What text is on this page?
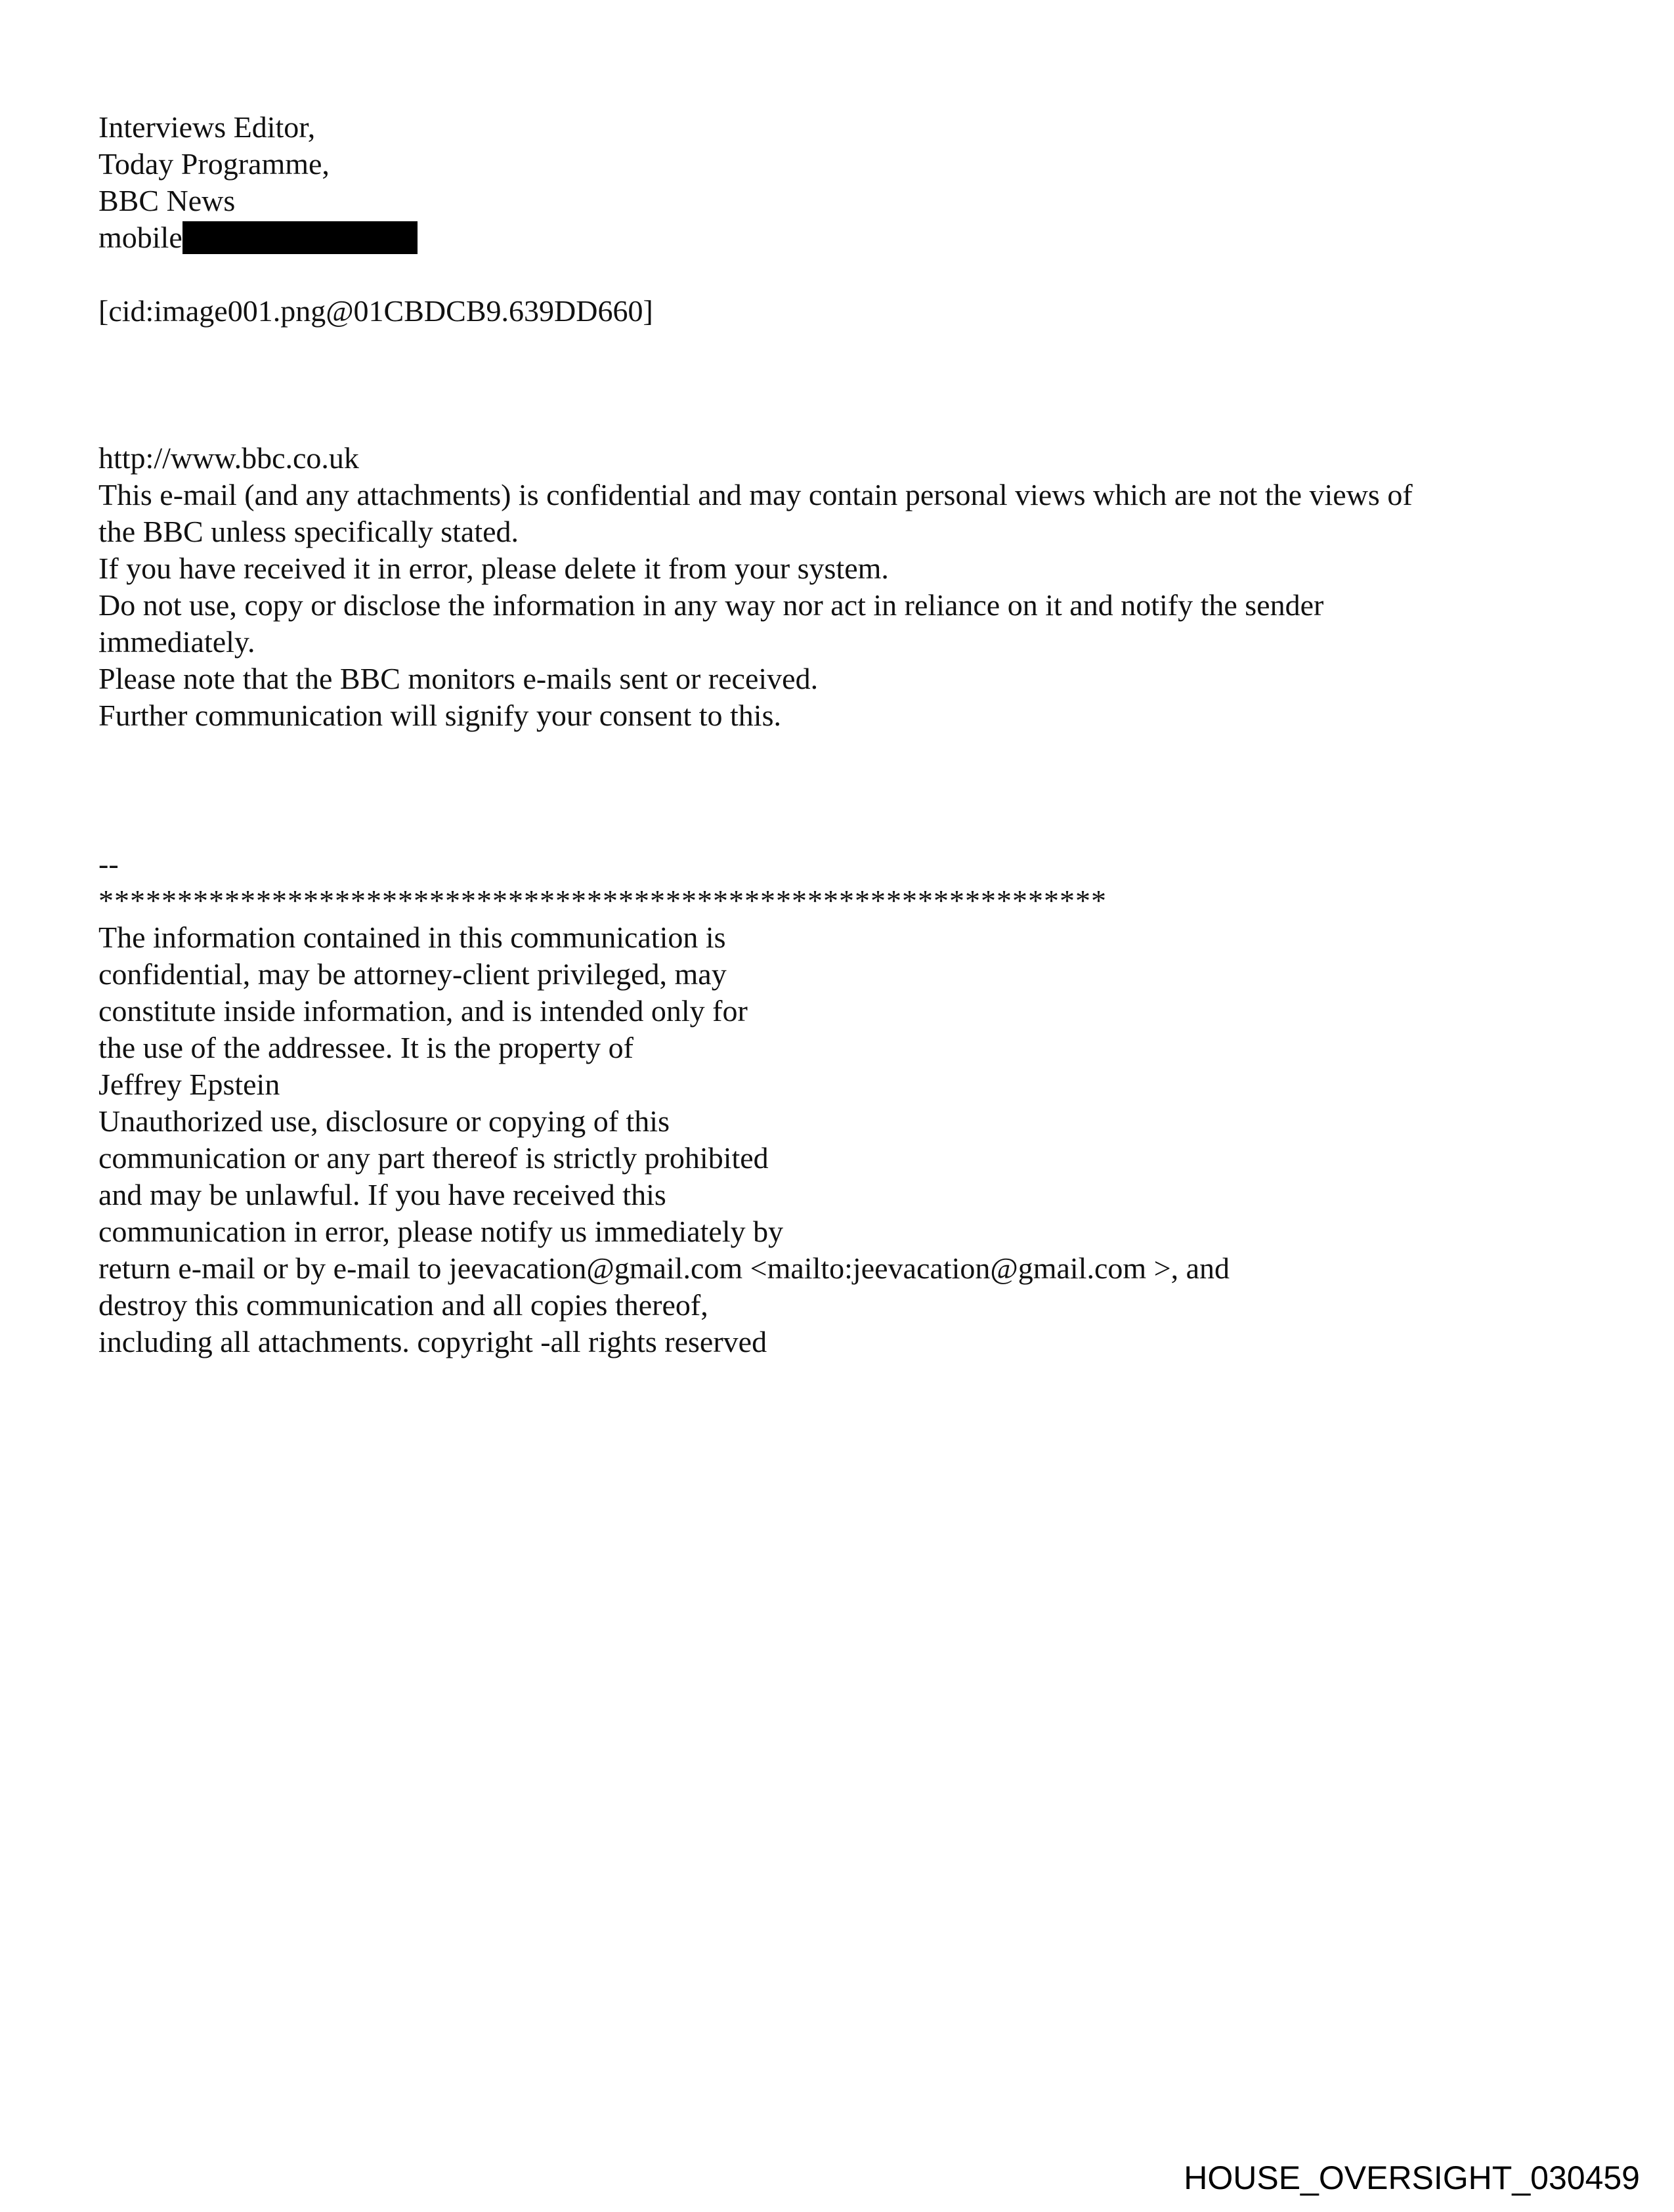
Interviews Editor,
Today Programme,
BBC News
mobile
[cid:image001.png@01CBDCB9.639DD660]
http://www.bbc.co.uk
This e-mail (and any attachments) is confidential and may contain personal views which are not the views of
the BBC unless specifically stated.
If you have received it in error, please delete it from your system.
Do not use, copy or disclose the information in any way nor act in reliance on it and notify the sender
immediately.
Please note that the BBC monitors e-mails sent or received.
Further communication will signify your consent to this.
--
****************************************************************
The information contained in this communication is
confidential, may be attorney-client privileged, may
constitute inside information, and is intended only for
the use of the addressee. It is the property of
Jeffrey Epstein
Unauthorized use, disclosure or copying of this
communication or any part thereof is strictly prohibited
and may be unlawful. If you have received this
communication in error, please notify us immediately by
return e-mail or by e-mail to jeevacation@gmail.com <mailto:jeevacation@gmail.com >, and
destroy this communication and all copies thereof,
including all attachments. copyright -all rights reserved
HOUSE_OVERSIGHT_030459
